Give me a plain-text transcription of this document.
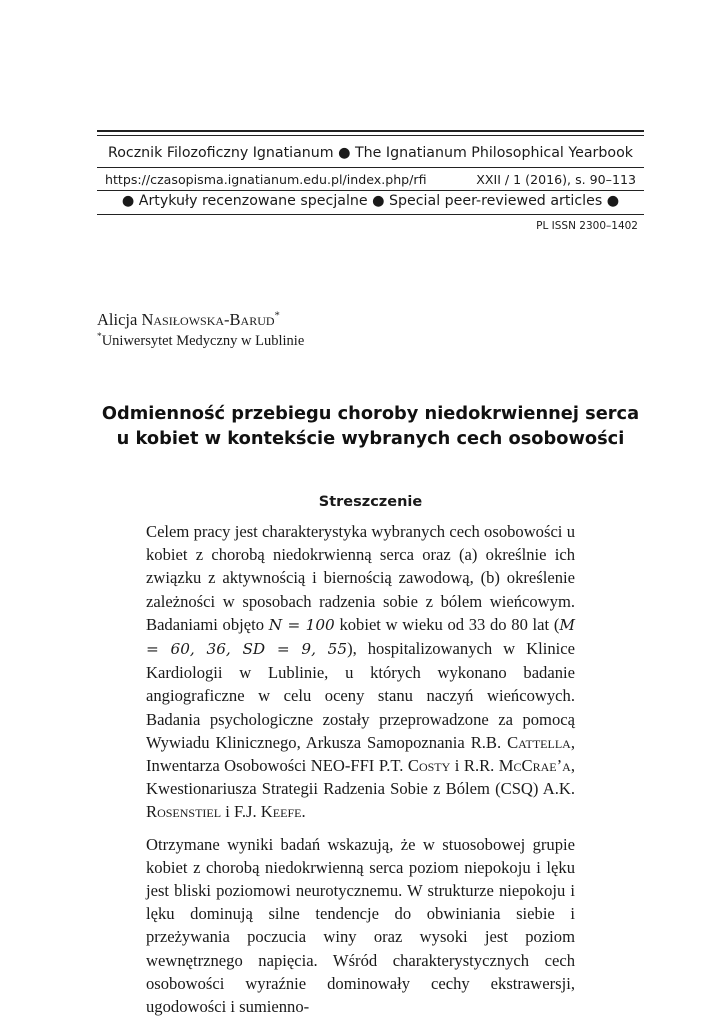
Rocznik Filozoficzny Ignatianum ● The Ignatianum Philosophical Yearbook
https://czasopisma.ignatianum.edu.pl/index.php/rfi	XXII / 1 (2016), s. 90–113
● Artykuły recenzowane specjalne ● Special peer-reviewed articles ●
PL ISSN 2300–1402
Alicja Nasiłowska-Barud*
*Uniwersytet Medyczny w Lublinie
Odmienność przebiegu choroby niedokrwiennej serca
u kobiet w kontekście wybranych cech osobowości
Streszczenie

Celem pracy jest charakterystyka wybranych cech osobowości u kobiet z chorobą niedokrwienną serca oraz (a) określnie ich związku z aktywnością i biernością zawodową, (b) określenie zależności w sposobach radzenia sobie z bólem wieńcowym. Badaniami objęto N = 100 kobiet w wieku od 33 do 80 lat (M = 60, 36, SD = 9, 55), hospitalizowanych w Klinice Kardiologii w Lublinie, u których wykonano badanie angiograficzne w celu oceny stanu naczyń wieńcowych. Badania psychologiczne zostały przeprowadzone za pomocą Wywiadu Klinicznego, Arkusza Samopoznania R.B. Cattella, Inwentarza Osobowości NEO-FFI P.T. Costy i R.R. McCrae’a, Kwestionariusza Strategii Radzenia Sobie z Bólem (CSQ) A.K. Rosenstiel i F.J. Keefe.

Otrzymane wyniki badań wskazują, że w stuosobowej grupie kobiet z chorobą niedokrwienną serca poziom niepokoju i lęku jest bliski poziomowi neurotycznemu. W strukturze niepokoju i lęku dominują silne tendencje do obwiniania siebie i przeżywania poczucia winy oraz wysoki jest poziom wewnętrznego napięcia. Wśród charakterystycznych cech osobowości wyraźnie dominowały cechy ekstrawersji, ugodowości i sumienno-
